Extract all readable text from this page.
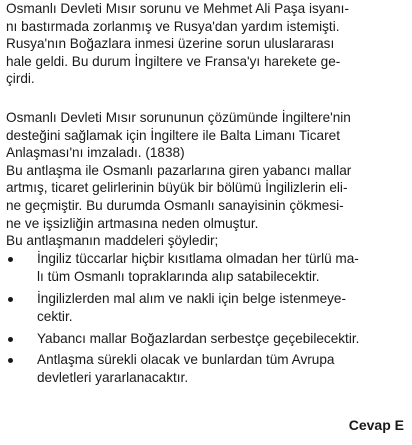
Osmanlı Devleti Mısır sorunu ve Mehmet Ali Paşa isyanı-
nı bastırmada zorlanmış ve Rusya'dan yardım istemişti.
Rusya'nın Boğazlara inmesi üzerine sorun uluslararası
hale geldi. Bu durum İngiltere ve Fransa'yı harekete ge-
çirdi.
Osmanlı Devleti Mısır sorununun çözümünde İngiltere'nin
desteğini sağlamak için İngiltere ile Balta Limanı Ticaret
Anlaşması'nı imzaladı. (1838)
Bu antlaşma ile Osmanlı pazarlarına giren yabancı mallar
artmış, ticaret gelirlerinin büyük bir bölümü İngilizlerin eli-
ne geçmiştir. Bu durumda Osmanlı sanayisinin çökmesi-
ne ve işsizliğin artmasına neden olmuştur.
Bu antlaşmanın maddeleri şöyledir;
İngiliz tüccarlar hiçbir kısıtlama olmadan her türlü ma-
lı tüm Osmanlı topraklarında alıp satabilecektir.
İngilizlerden mal alım ve nakli için belge istenmeye-
cektir.
Yabancı mallar Boğazlardan serbestçe geçebilecektir.
Antlaşma sürekli olacak ve bunlardan tüm Avrupa
devletleri yararlanacaktır.
Cevap E
